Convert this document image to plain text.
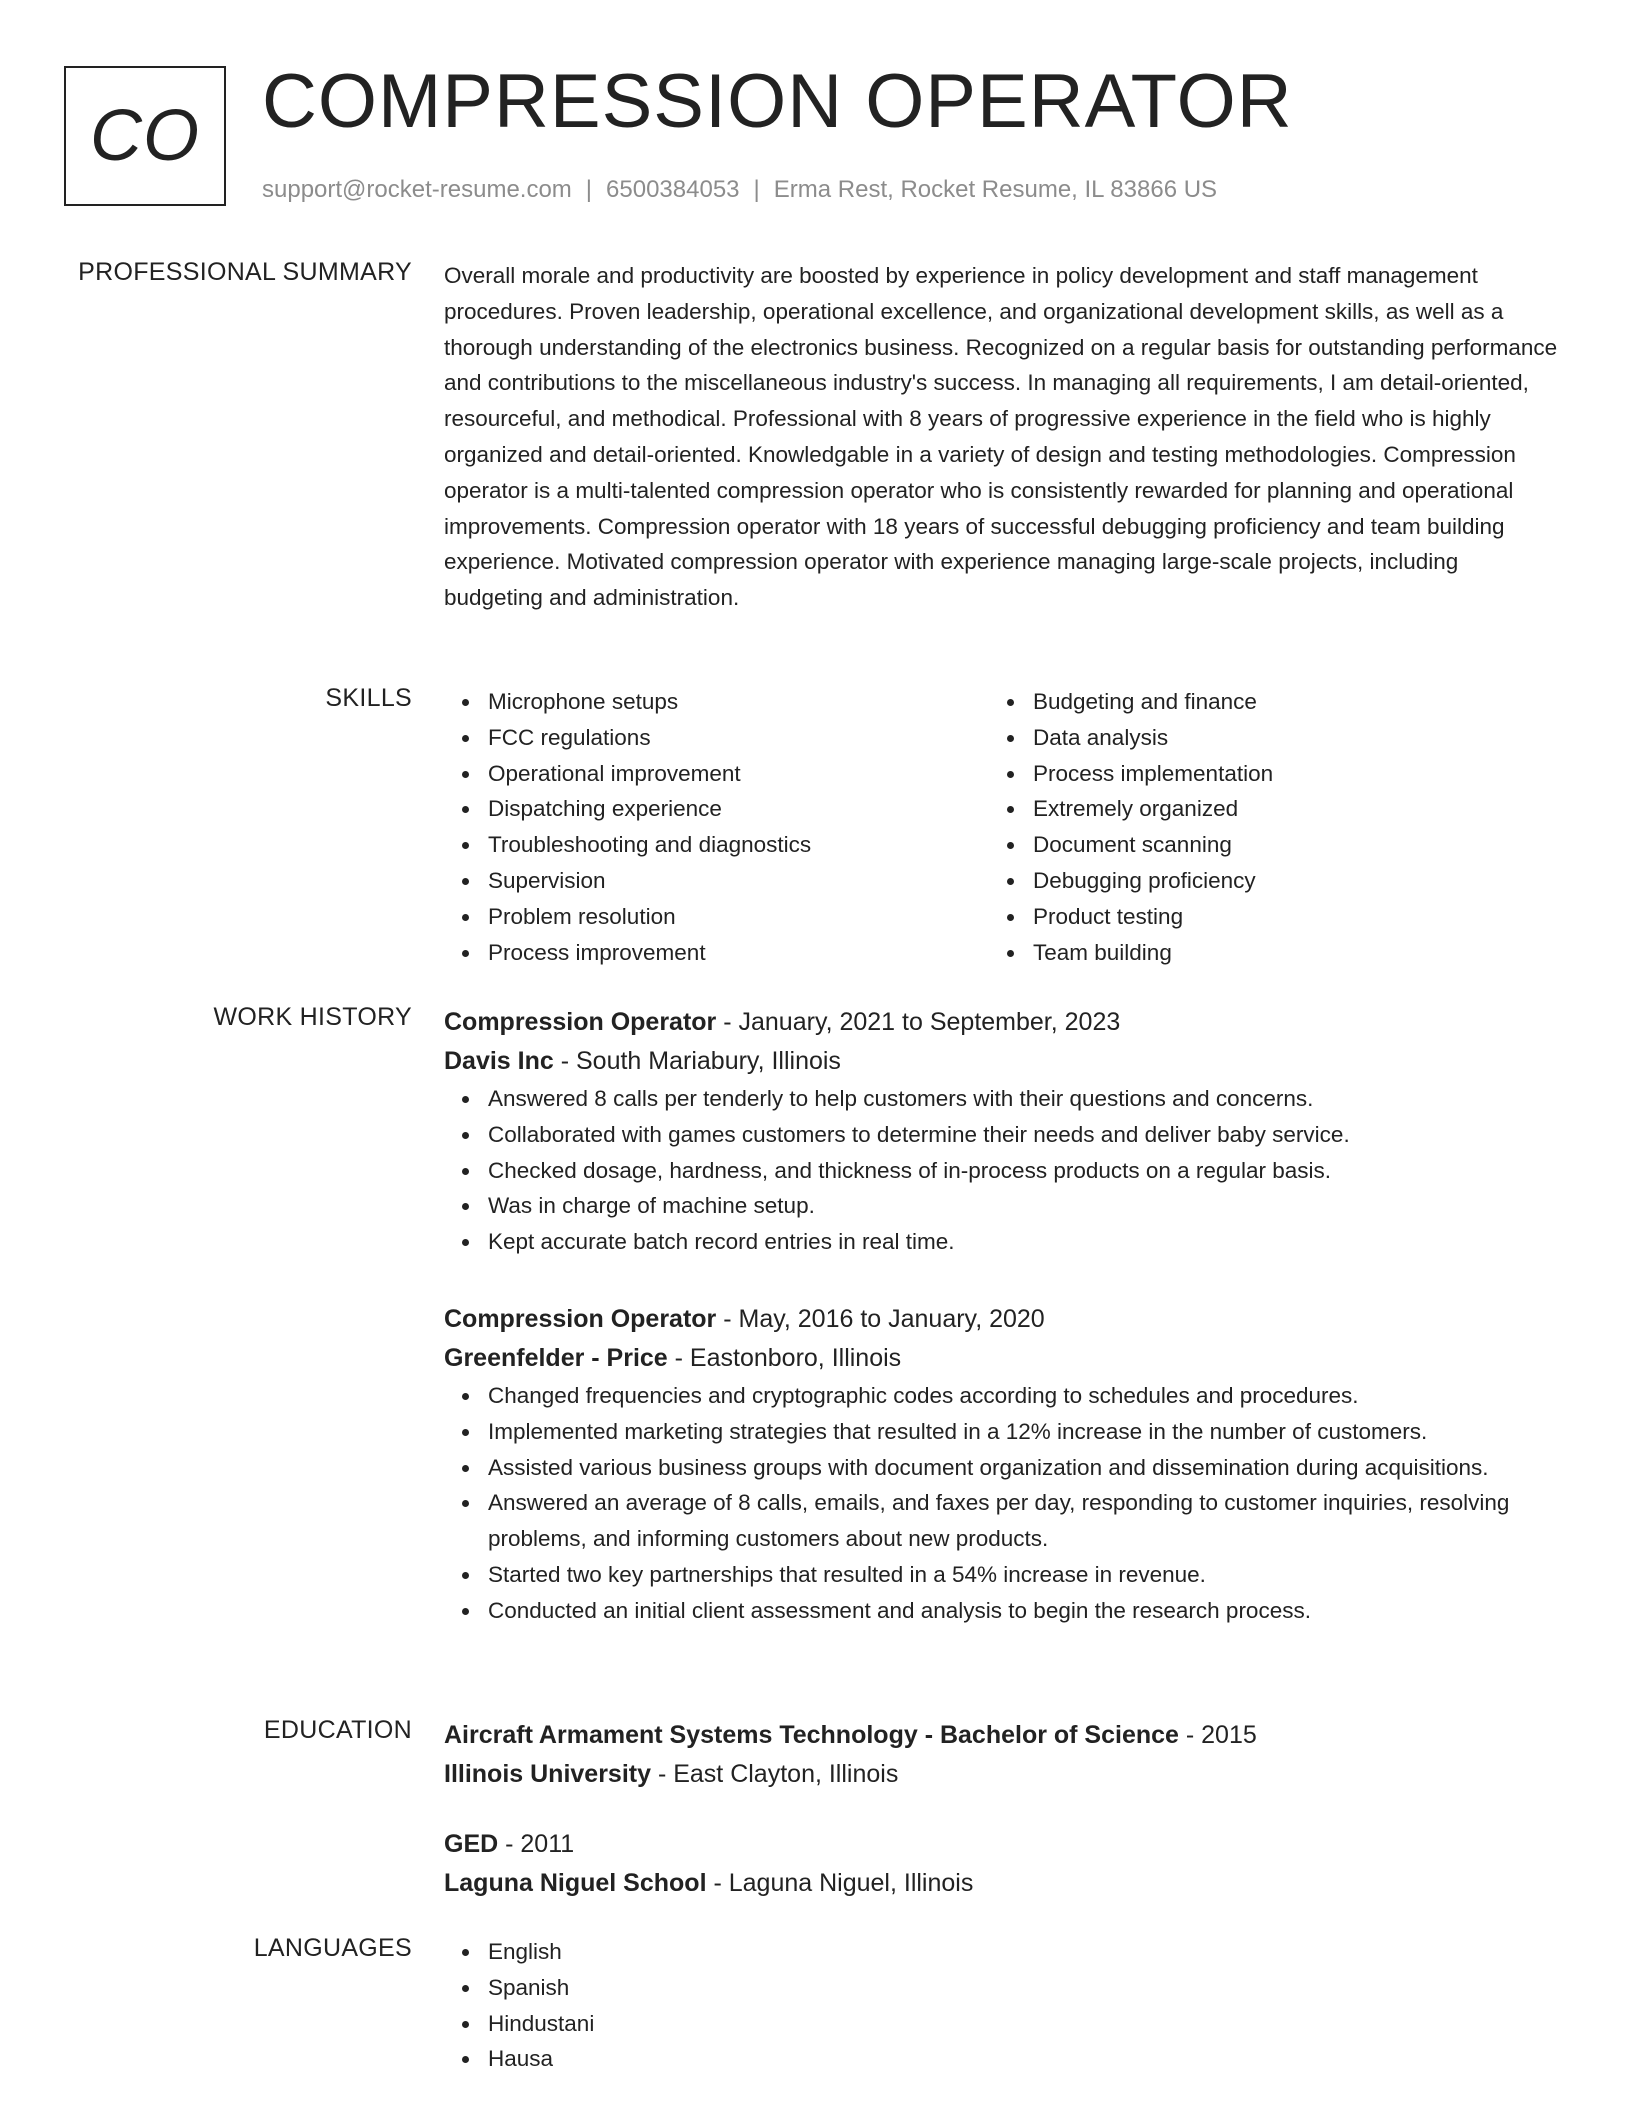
CO COMPRESSION OPERATOR
support@rocket-resume.com | 6500384053 | Erma Rest, Rocket Resume, IL 83866 US
PROFESSIONAL SUMMARY Overall morale and productivity are boosted by experience in policy development and staff management procedures. Proven leadership, operational excellence, and organizational development skills, as well as a thorough understanding of the electronics business. Recognized on a regular basis for outstanding performance and contributions to the miscellaneous industry's success. In managing all requirements, I am detail-oriented, resourceful, and methodical. Professional with 8 years of progressive experience in the field who is highly organized and detail-oriented. Knowledgable in a variety of design and testing methodologies. Compression operator is a multi-talented compression operator who is consistently rewarded for planning and operational improvements. Compression operator with 18 years of successful debugging proficiency and team building experience. Motivated compression operator with experience managing large-scale projects, including budgeting and administration.

SKILLS	Microphone setups
FCC regulations
Operational improvement
Dispatching experience
Troubleshooting and diagnostics
Supervision
Problem resolution
Process improvement
Budgeting and finance
Data analysis
Process implementation
Extremely organized
Document scanning
Debugging proficiency
Product testing
Team building
WORK HISTORY Compression Operator - January, 2021 to September, 2023
Davis Inc - South Mariabury, Illinois
Answered 8 calls per tenderly to help customers with their questions and concerns.
Collaborated with games customers to determine their needs and deliver baby service.
Checked dosage, hardness, and thickness of in-process products on a regular basis.
Was in charge of machine setup.
Kept accurate batch record entries in real time.
Compression Operator - May, 2016 to January, 2020
Greenfelder - Price - Eastonboro, Illinois
Changed frequencies and cryptographic codes according to schedules and procedures.
Implemented marketing strategies that resulted in a 12% increase in the number of customers.
Assisted various business groups with document organization and dissemination during acquisitions.
Answered an average of 8 calls, emails, and faxes per day, responding to customer inquiries, resolving problems, and informing customers about new products.
Started two key partnerships that resulted in a 54% increase in revenue.
Conducted an initial client assessment and analysis to begin the research process.
EDUCATION Aircraft Armament Systems Technology - Bachelor of Science - 2015
Illinois University - East Clayton, Illinois
GED - 2011
Laguna Niguel School - Laguna Niguel, Illinois
LANGUAGES	English
Spanish
Hindustani
Hausa
